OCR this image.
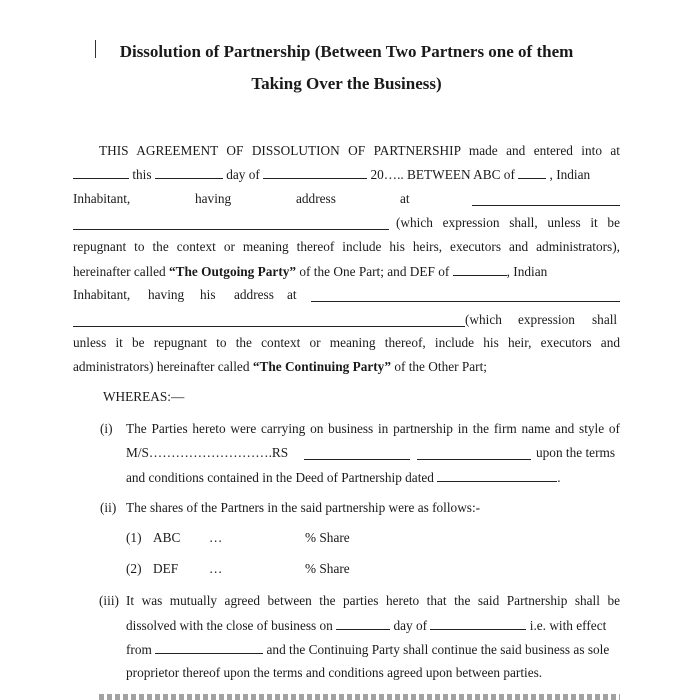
Dissolution of Partnership (Between Two Partners one of them
Taking Over the Business)
THIS AGREEMENT OF DISSOLUTION OF PARTNERSHIP made and entered into at
this	day of	20….. BETWEEN ABC of	, Indian
Inhabitant,	having	address	at
(which expression shall, unless it be
repugnant to the context or meaning thereof include his heirs, executors and administrators),
hereinafter called “The Outgoing Party” of the One Part; and DEF of	, Indian
Inhabitant, having his address at
(which expression shall
unless it be repugnant to the context or meaning thereof, include his heir, executors and
administrators) hereinafter called “The Continuing Party” of the Other Part;
WHEREAS:—
(i) The Parties hereto were carrying on business in partnership in the firm name and style of
M/S……………………….RS	upon the terms
and conditions contained in the Deed of Partnership dated	.
(ii) The shares of the Partners in the said partnership were as follows:-
(1) ABC …	% Share
(2) DEF …	% Share
(iii) It was mutually agreed between the parties hereto that the said Partnership shall be
dissolved with the close of business on	day of	i.e. with effect
from	and the Continuing Party shall continue the said business as sole
proprietor thereof upon the terms and conditions agreed upon between parties.
